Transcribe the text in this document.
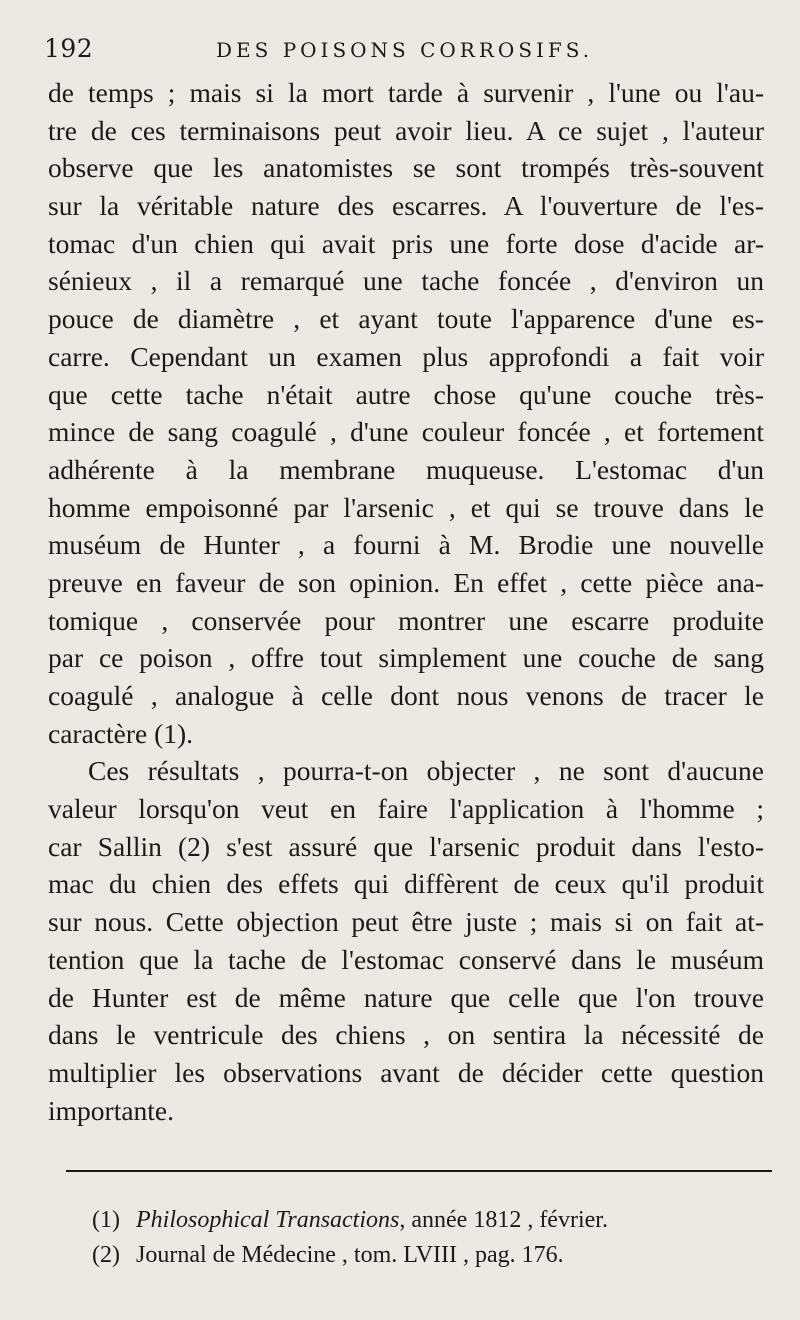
192	DES POISONS CORROSIFS.
de temps ; mais si la mort tarde à survenir , l'une ou l'au-
tre de ces terminaisons peut avoir lieu. A ce sujet , l'auteur
observe que les anatomistes se sont trompés très-souvent
sur la véritable nature des escarres. A l'ouverture de l'es-
tomac d'un chien qui avait pris une forte dose d'acide ar-
sénieux , il a remarqué une tache foncée , d'environ un
pouce de diamètre , et ayant toute l'apparence d'une es-
carre. Cependant un examen plus approfondi a fait voir
que cette tache n'était autre chose qu'une couche très-
mince de sang coagulé , d'une couleur foncée , et fortement
adhérente à la membrane muqueuse. L'estomac d'un
homme empoisonné par l'arsenic , et qui se trouve dans le
muséum de Hunter , a fourni à M. Brodie une nouvelle
preuve en faveur de son opinion. En effet , cette pièce ana-
tomique , conservée pour montrer une escarre produite
par ce poison , offre tout simplement une couche de sang
coagulé , analogue à celle dont nous venons de tracer le
caractère (1).
Ces résultats , pourra-t-on objecter , ne sont d'aucune
valeur lorsqu'on veut en faire l'application à l'homme ;
car Sallin (2) s'est assuré que l'arsenic produit dans l'esto-
mac du chien des effets qui diffèrent de ceux qu'il produit
sur nous. Cette objection peut être juste ; mais si on fait at-
tention que la tache de l'estomac conservé dans le muséum
de Hunter est de même nature que celle que l'on trouve
dans le ventricule des chiens , on sentira la nécessité de
multiplier les observations avant de décider cette question
importante.
(1) Philosophical Transactions, année 1812 , février.
(2) Journal de Médecine , tom. LVIII , pag. 176.
